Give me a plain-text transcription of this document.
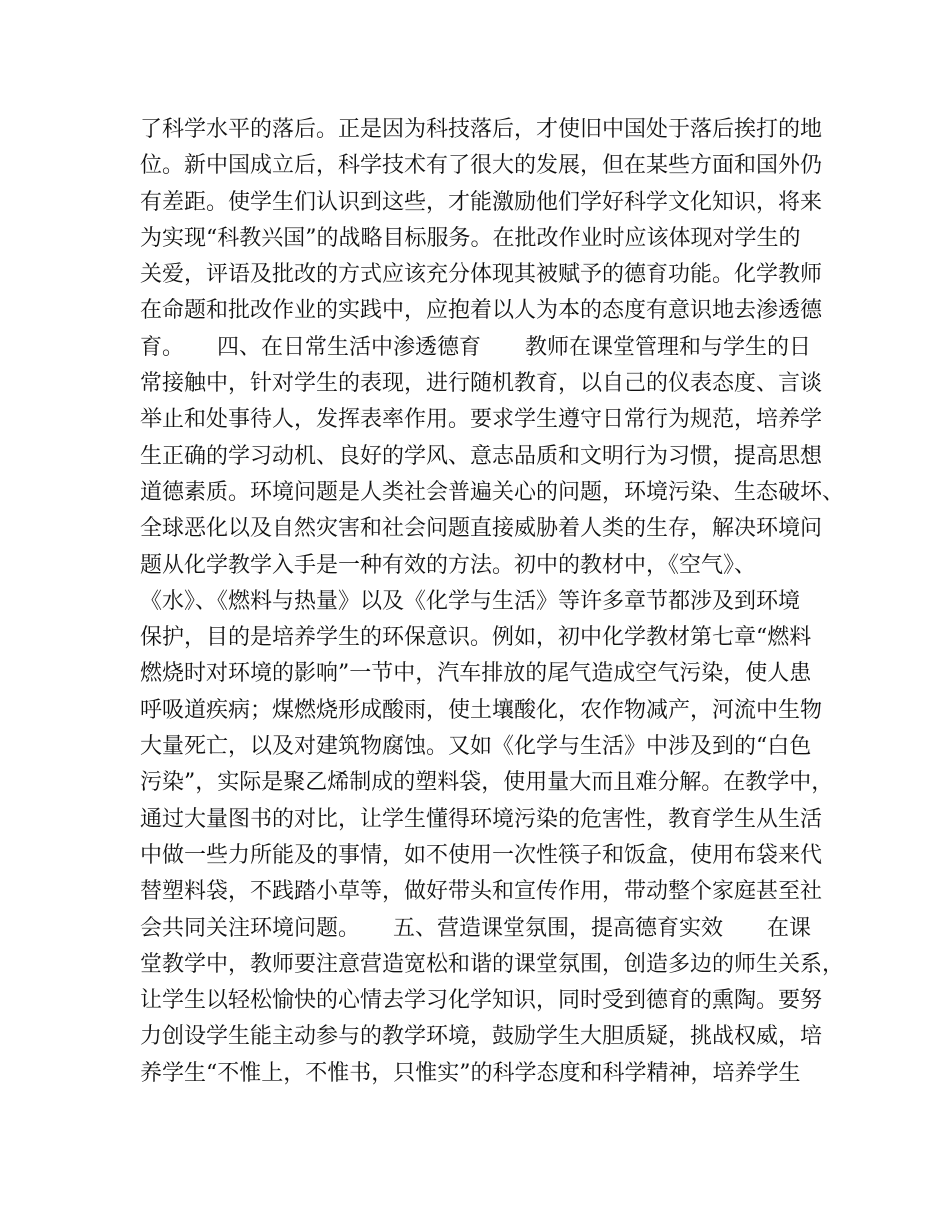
了科学水平的落后。正是因为科技落后，才使旧中国处于落后挨打的地
位。新中国成立后，科学技术有了很大的发展，但在某些方面和国外仍
有差距。使学生们认识到这些，才能激励他们学好科学文化知识，将来
为实现“科教兴国”的战略目标服务。在批改作业时应该体现对学生的
关爱，评语及批改的方式应该充分体现其被赋予的德育功能。化学教师
在命题和批改作业的实践中，应抱着以人为本的态度有意识地去渗透德
育。　　四、在日常生活中渗透德育　　教师在课堂管理和与学生的日
常接触中，针对学生的表现，进行随机教育，以自己的仪表态度、言谈
举止和处事待人，发挥表率作用。要求学生遵守日常行为规范，培养学
生正确的学习动机、良好的学风、意志品质和文明行为习惯，提高思想
道德素质。环境问题是人类社会普遍关心的问题，环境污染、生态破坏、
全球恶化以及自然灾害和社会问题直接威胁着人类的生存，解决环境问
题从化学教学入手是一种有效的方法。初中的教材中，《空气》、
《水》、《燃料与热量》以及《化学与生活》等许多章节都涉及到环境
保护，目的是培养学生的环保意识。例如，初中化学教材第七章“燃料
燃烧时对环境的影响”一节中，汽车排放的尾气造成空气污染，使人患
呼吸道疾病；煤燃烧形成酸雨，使土壤酸化，农作物减产，河流中生物
大量死亡，以及对建筑物腐蚀。又如《化学与生活》中涉及到的“白色
污染”，实际是聚乙烯制成的塑料袋，使用量大而且难分解。在教学中，
通过大量图书的对比，让学生懂得环境污染的危害性，教育学生从生活
中做一些力所能及的事情，如不使用一次性筷子和饭盒，使用布袋来代
替塑料袋，不践踏小草等，做好带头和宣传作用，带动整个家庭甚至社
会共同关注环境问题。　　五、营造课堂氛围，提高德育实效　　在课
堂教学中，教师要注意营造宽松和谐的课堂氛围，创造多边的师生关系，
让学生以轻松愉快的心情去学习化学知识，同时受到德育的熏陶。要努
力创设学生能主动参与的教学环境，鼓励学生大胆质疑，挑战权威，培
养学生“不惟上，不惟书，只惟实”的科学态度和科学精神，培养学生
